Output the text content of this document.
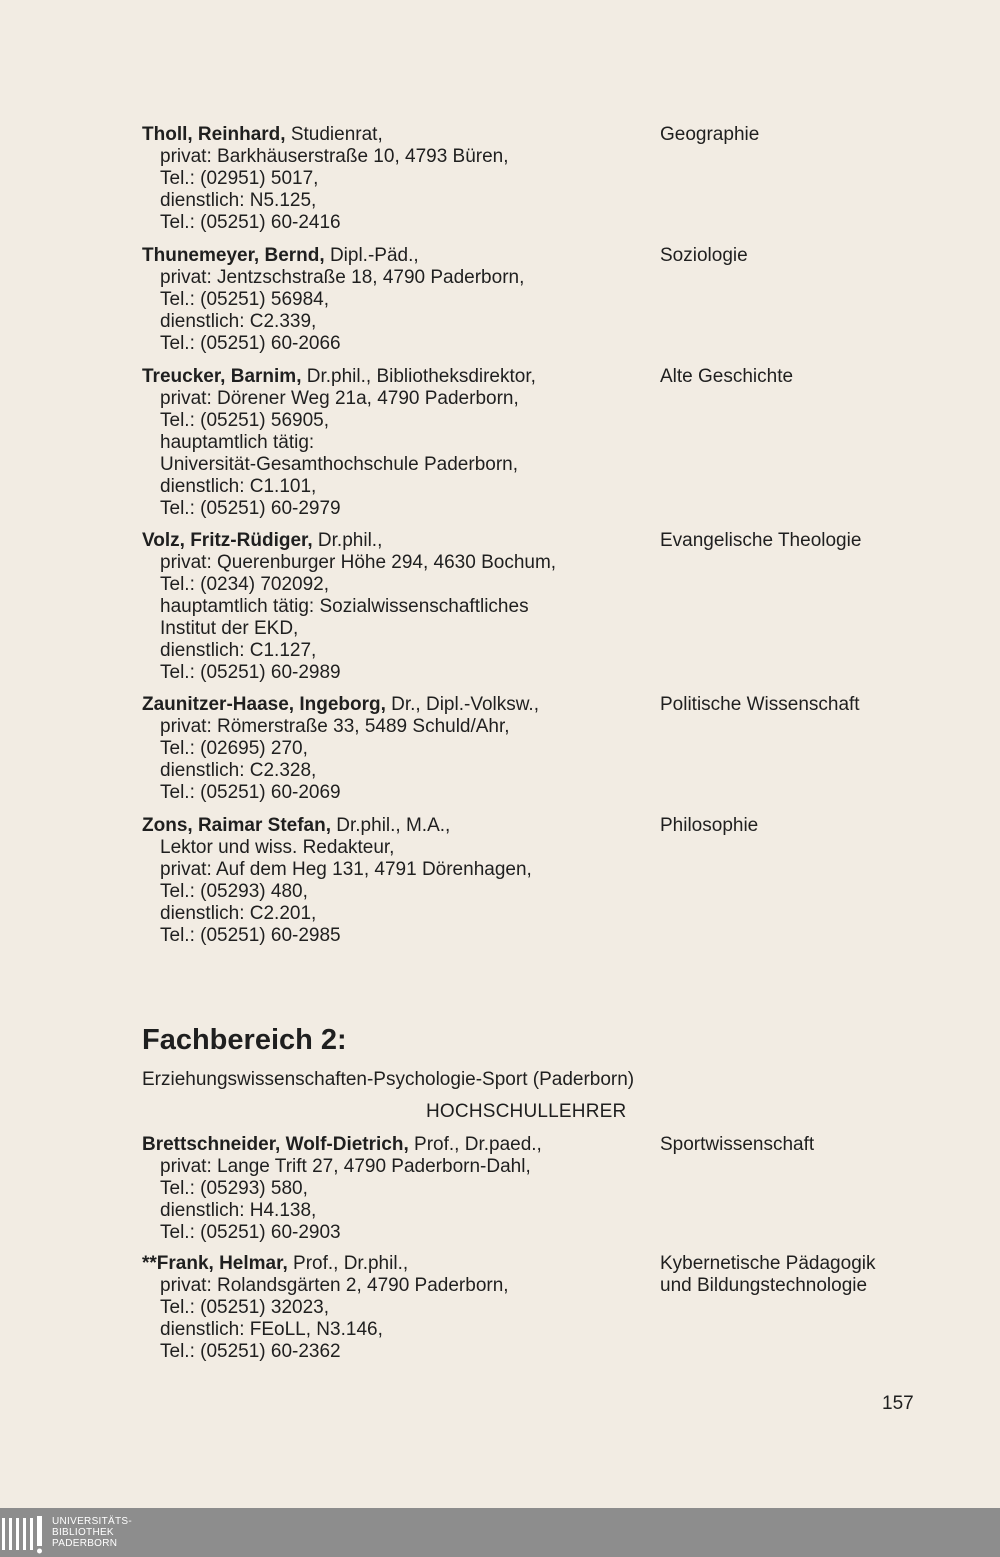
Tholl, Reinhard, Studienrat,
privat: Barkhäuserstraße 10, 4793 Büren,
Tel.: (02951) 5017,
dienstlich: N5.125,
Tel.: (05251) 60-2416
Geographie
Thunemeyer, Bernd, Dipl.-Päd.,
privat: Jentzschstraße 18, 4790 Paderborn,
Tel.: (05251) 56984,
dienstlich: C2.339,
Tel.: (05251) 60-2066
Soziologie
Treucker, Barnim, Dr.phil., Bibliotheksdirektor,
privat: Dörener Weg 21a, 4790 Paderborn,
Tel.: (05251) 56905,
hauptamtlich tätig:
Universität-Gesamthochschule Paderborn,
dienstlich: C1.101,
Tel.: (05251) 60-2979
Alte Geschichte
Volz, Fritz-Rüdiger, Dr.phil.,
privat: Querenburger Höhe 294, 4630 Bochum,
Tel.: (0234) 702092,
hauptamtlich tätig: Sozialwissenschaftliches
Institut der EKD,
dienstlich: C1.127,
Tel.: (05251) 60-2989
Evangelische Theologie
Zaunitzer-Haase, Ingeborg, Dr., Dipl.-Volksw.,
privat: Römerstraße 33, 5489 Schuld/Ahr,
Tel.: (02695) 270,
dienstlich: C2.328,
Tel.: (05251) 60-2069
Politische Wissenschaft
Zons, Raimar Stefan, Dr.phil., M.A.,
Lektor und wiss. Redakteur,
privat: Auf dem Heg 131, 4791 Dörenhagen,
Tel.: (05293) 480,
dienstlich: C2.201,
Tel.: (05251) 60-2985
Philosophie
Fachbereich 2:
Erziehungswissenschaften-Psychologie-Sport (Paderborn)
HOCHSCHULLEHRER
Brettschneider, Wolf-Dietrich, Prof., Dr.paed.,
privat: Lange Trift 27, 4790 Paderborn-Dahl,
Tel.: (05293) 580,
dienstlich: H4.138,
Tel.: (05251) 60-2903
Sportwissenschaft
**Frank, Helmar, Prof., Dr.phil.,
privat: Rolandsgärten 2, 4790 Paderborn,
Tel.: (05251) 32023,
dienstlich: FEoLL, N3.146,
Tel.: (05251) 60-2362
Kybernetische Pädagogik
und Bildungstechnologie
157
UNIVERSITÄTS-
BIBLIOTHEK
PADERBORN
